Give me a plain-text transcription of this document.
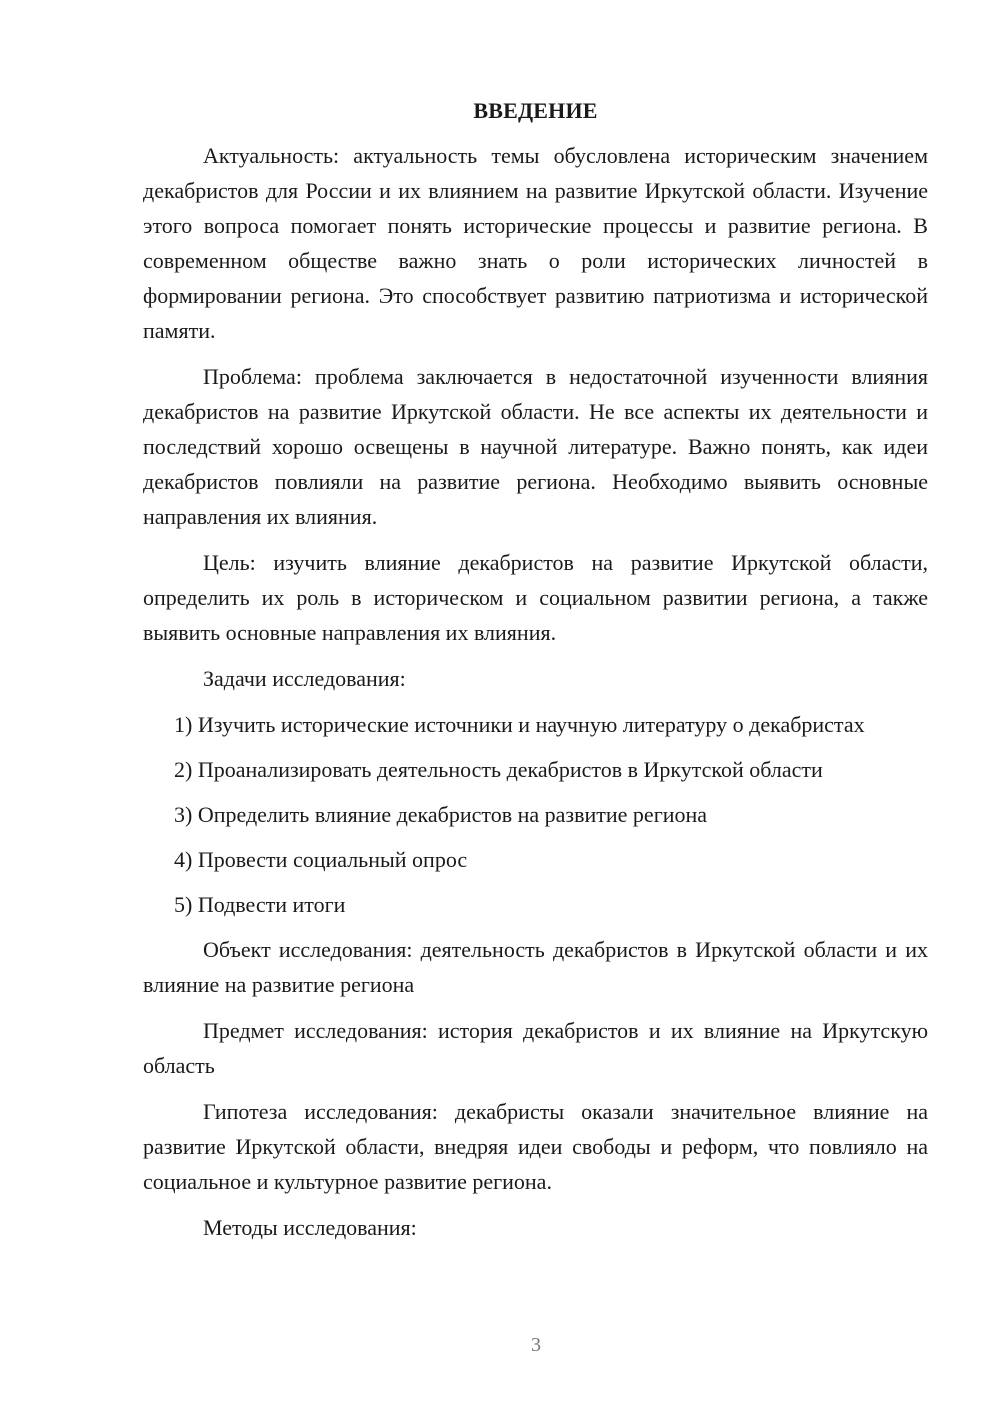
ВВЕДЕНИЕ

Актуальность: актуальность темы обусловлена историческим значением декабристов для России и их влиянием на развитие Иркутской области. Изучение этого вопроса помогает понять исторические процессы и развитие региона. В современном обществе важно знать о роли исторических личностей в формировании региона. Это способствует развитию патриотизма и исторической памяти.

Проблема: проблема заключается в недостаточной изученности влияния декабристов на развитие Иркутской области. Не все аспекты их деятельности и последствий хорошо освещены в научной литературе. Важно понять, как идеи декабристов повлияли на развитие региона. Необходимо выявить основные направления их влияния.

Цель: изучить влияние декабристов на развитие Иркутской области, определить их роль в историческом и социальном развитии региона, а также выявить основные направления их влияния.

Задачи исследования:

1) Изучить исторические источники и научную литературу о декабристах

2) Проанализировать деятельность декабристов в Иркутской области

3) Определить влияние декабристов на развитие региона

4) Провести социальный опрос

5) Подвести итоги

Объект исследования: деятельность декабристов в Иркутской области и их влияние на развитие региона

Предмет исследования: история декабристов и их влияние на Иркутскую область

Гипотеза исследования: декабристы оказали значительное влияние на развитие Иркутской области, внедряя идеи свободы и реформ, что повлияло на социальное и культурное развитие региона.

Методы исследования:

3
